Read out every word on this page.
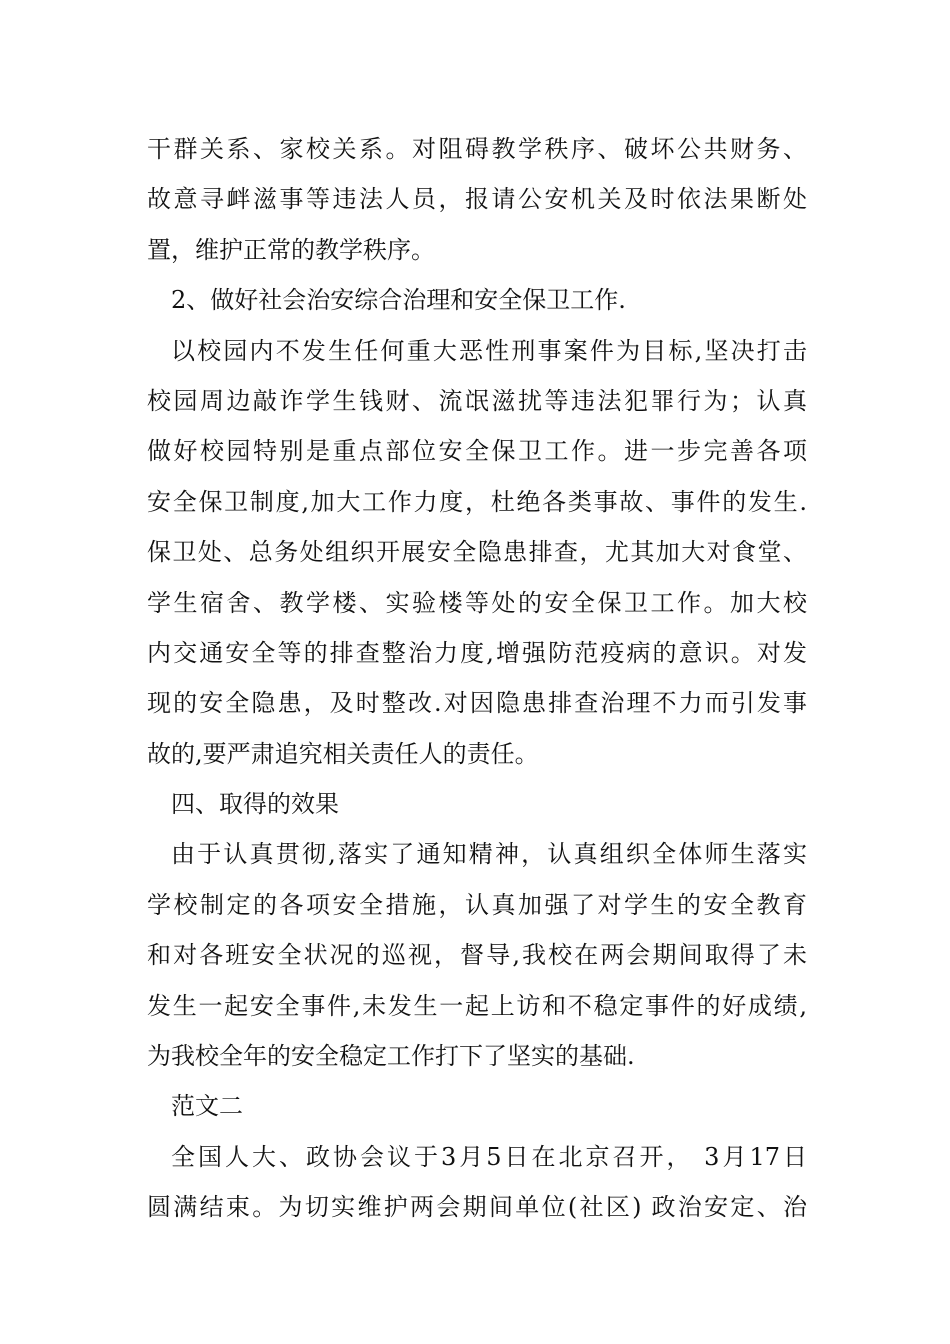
干群关系、家校关系。对阻碍教学秩序、破坏公共财务、
故意寻衅滋事等违法人员，报请公安机关及时依法果断处
置，维护正常的教学秩序。
2、做好社会治安综合治理和安全保卫工作.
以校园内不发生任何重大恶性刑事案件为目标,坚决打击
校园周边敲诈学生钱财、流氓滋扰等违法犯罪行为；认真
做好校园特别是重点部位安全保卫工作。进一步完善各项
安全保卫制度,加大工作力度，杜绝各类事故、事件的发生.
保卫处、总务处组织开展安全隐患排查，尤其加大对食堂、
学生宿舍、教学楼、实验楼等处的安全保卫工作。加大校
内交通安全等的排查整治力度,增强防范疫病的意识。对发
现的安全隐患，及时整改.对因隐患排查治理不力而引发事
故的,要严肃追究相关责任人的责任。
四、取得的效果
由于认真贯彻,落实了通知精神，认真组织全体师生落实
学校制定的各项安全措施，认真加强了对学生的安全教育
和对各班安全状况的巡视，督导,我校在两会期间取得了未
发生一起安全事件,未发生一起上访和不稳定事件的好成绩,
为我校全年的安全稳定工作打下了坚实的基础.
范文二
全国人大、政协会议于3月5日在北京召开， 3月17日
圆满结束。为切实维护两会期间单位(社区) 政治安定、治
